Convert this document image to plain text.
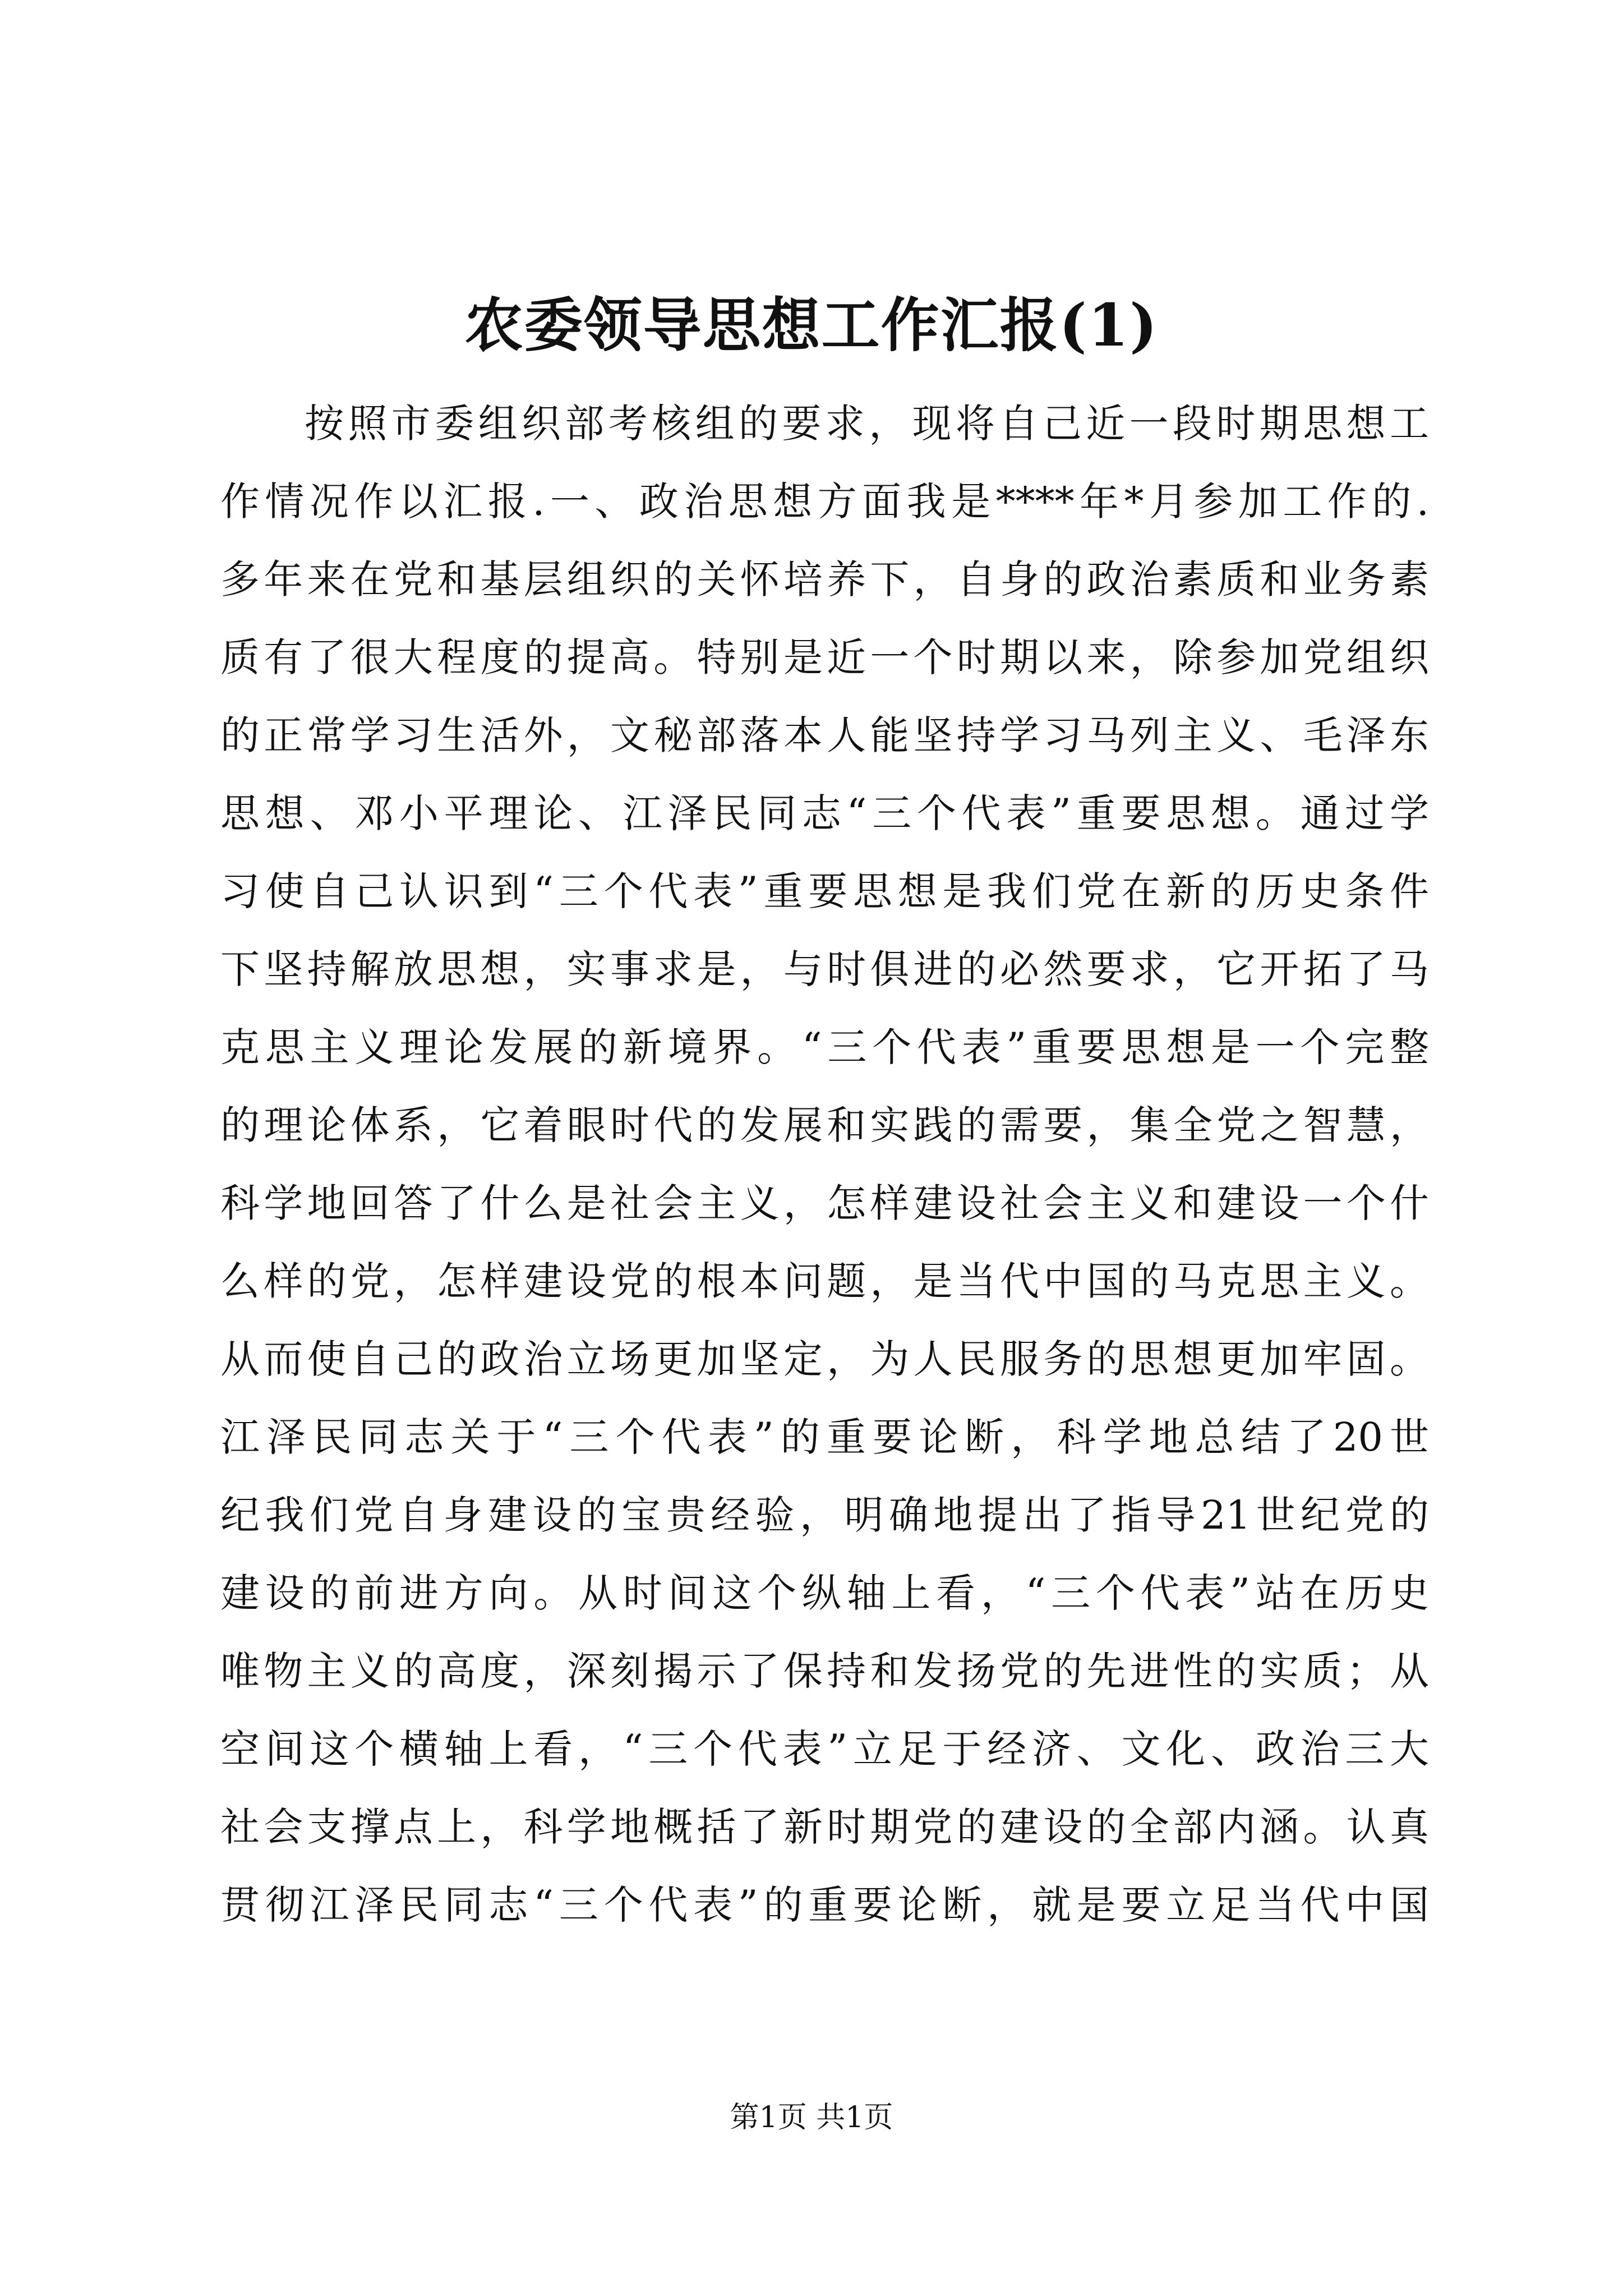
农委领导思想工作汇报(1)
按照市委组织部考核组的要求，现将自己近一段时期思想工
作情况作以汇报.一、政治思想方面我是****年*月参加工作的.
多年来在党和基层组织的关怀培养下，自身的政治素质和业务素
质有了很大程度的提高。特别是近一个时期以来，除参加党组织
的正常学习生活外，文秘部落本人能坚持学习马列主义、毛泽东
思想、邓小平理论、江泽民同志“三个代表”重要思想。通过学
习使自己认识到“三个代表”重要思想是我们党在新的历史条件
下坚持解放思想，实事求是，与时俱进的必然要求，它开拓了马
克思主义理论发展的新境界。“三个代表”重要思想是一个完整
的理论体系，它着眼时代的发展和实践的需要，集全党之智慧，
科学地回答了什么是社会主义，怎样建设社会主义和建设一个什
么样的党，怎样建设党的根本问题，是当代中国的马克思主义。
从而使自己的政治立场更加坚定，为人民服务的思想更加牢固。
江泽民同志关于“三个代表”的重要论断，科学地总结了20世
纪我们党自身建设的宝贵经验，明确地提出了指导21世纪党的
建设的前进方向。从时间这个纵轴上看，“三个代表”站在历史
唯物主义的高度，深刻揭示了保持和发扬党的先进性的实质；从
空间这个横轴上看，“三个代表”立足于经济、文化、政治三大
社会支撑点上，科学地概括了新时期党的建设的全部内涵。认真
贯彻江泽民同志“三个代表”的重要论断，就是要立足当代中国
第1页 共1页
